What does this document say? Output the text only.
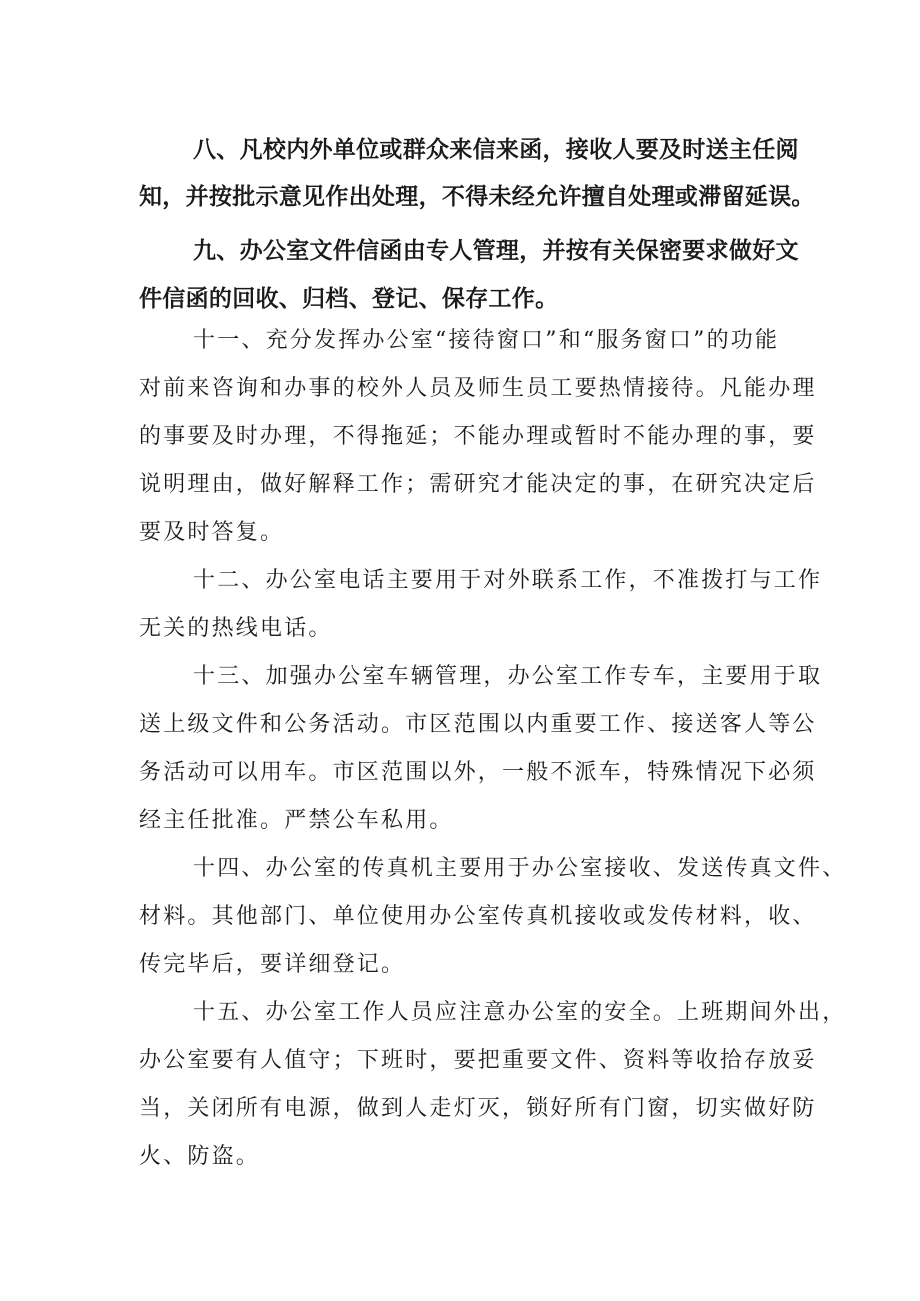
八、凡校内外单位或群众来信来函，接收人要及时送主任阅
知，并按批示意见作出处理，不得未经允许擅自处理或滞留延误。
九、办公室文件信函由专人管理，并按有关保密要求做好文
件信函的回收、归档、登记、保存工作。
十一、充分发挥办公室“接待窗口”和“服务窗口”的功能
对前来咨询和办事的校外人员及师生员工要热情接待。凡能办理
的事要及时办理，不得拖延；不能办理或暂时不能办理的事，要
说明理由，做好解释工作；需研究才能决定的事，在研究决定后
要及时答复。
十二、办公室电话主要用于对外联系工作，不准拨打与工作
无关的热线电话。
十三、加强办公室车辆管理，办公室工作专车，主要用于取
送上级文件和公务活动。市区范围以内重要工作、接送客人等公
务活动可以用车。市区范围以外，一般不派车，特殊情况下必须
经主任批准。严禁公车私用。
十四、办公室的传真机主要用于办公室接收、发送传真文件、
材料。其他部门、单位使用办公室传真机接收或发传材料，收、
传完毕后，要详细登记。
十五、办公室工作人员应注意办公室的安全。上班期间外出，
办公室要有人值守；下班时，要把重要文件、资料等收拾存放妥
当，关闭所有电源，做到人走灯灭，锁好所有门窗，切实做好防
火、防盗。
